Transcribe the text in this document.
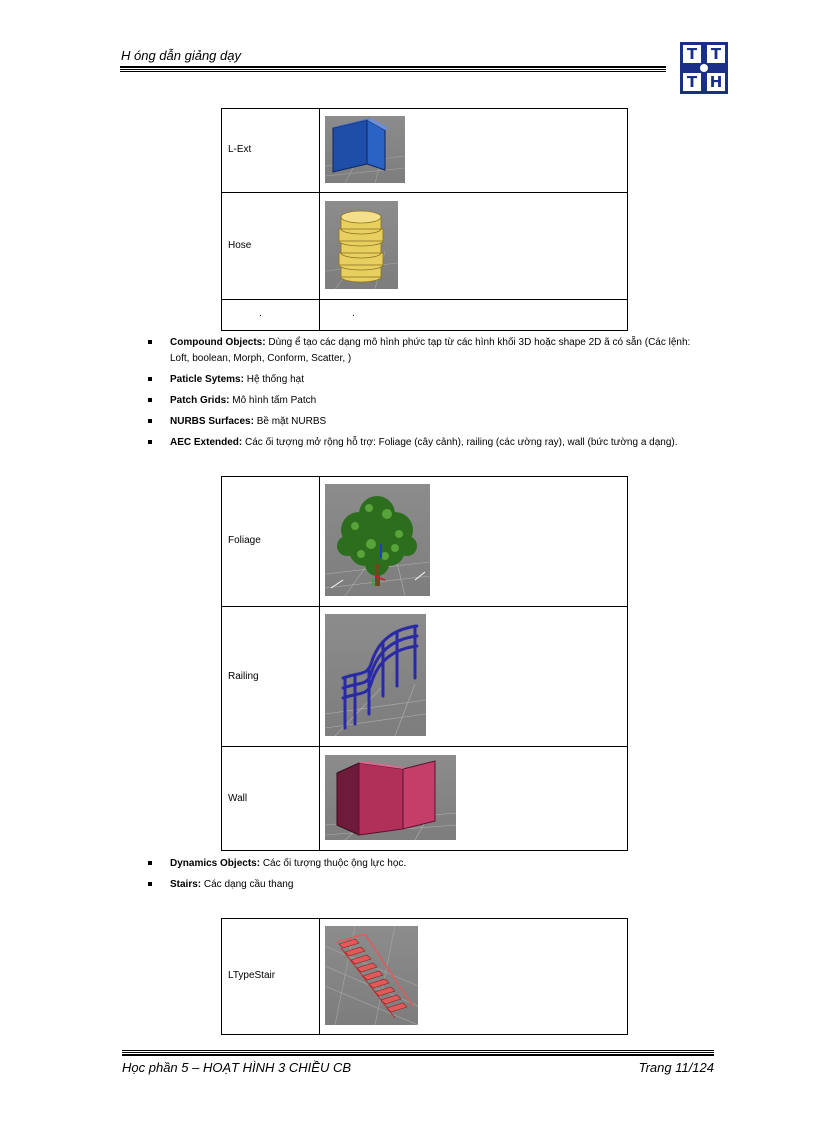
H óng dẫn giảng dạy	T T
T H
L-Ext
Hose
.	.
Compound Objects: Dùng ể tạo các dạng mô hình phức tạp từ các hình khối 3D hoặc shape 2D ã có sẵn (Các lệnh:
Loft, boolean, Morph, Conform, Scatter, )
Paticle Sytems: Hệ thống hạt
Patch Grids: Mô hình tấm Patch
NURBS Surfaces: Bề mặt NURBS
AEC Extended: Các ối tượng mở rộng hỗ trợ: Foliage (cây cảnh), railing (các ường ray), wall (bức tường a dạng).
Foliage
Railing
Wall
Dynamics Objects: Các ối tượng thuộc ộng lực học.
Stairs: Các dạng cầu thang
LTypeStair
Học phần 5 – HOẠT HÌNH 3 CHIỀU CB	Trang 11/124
